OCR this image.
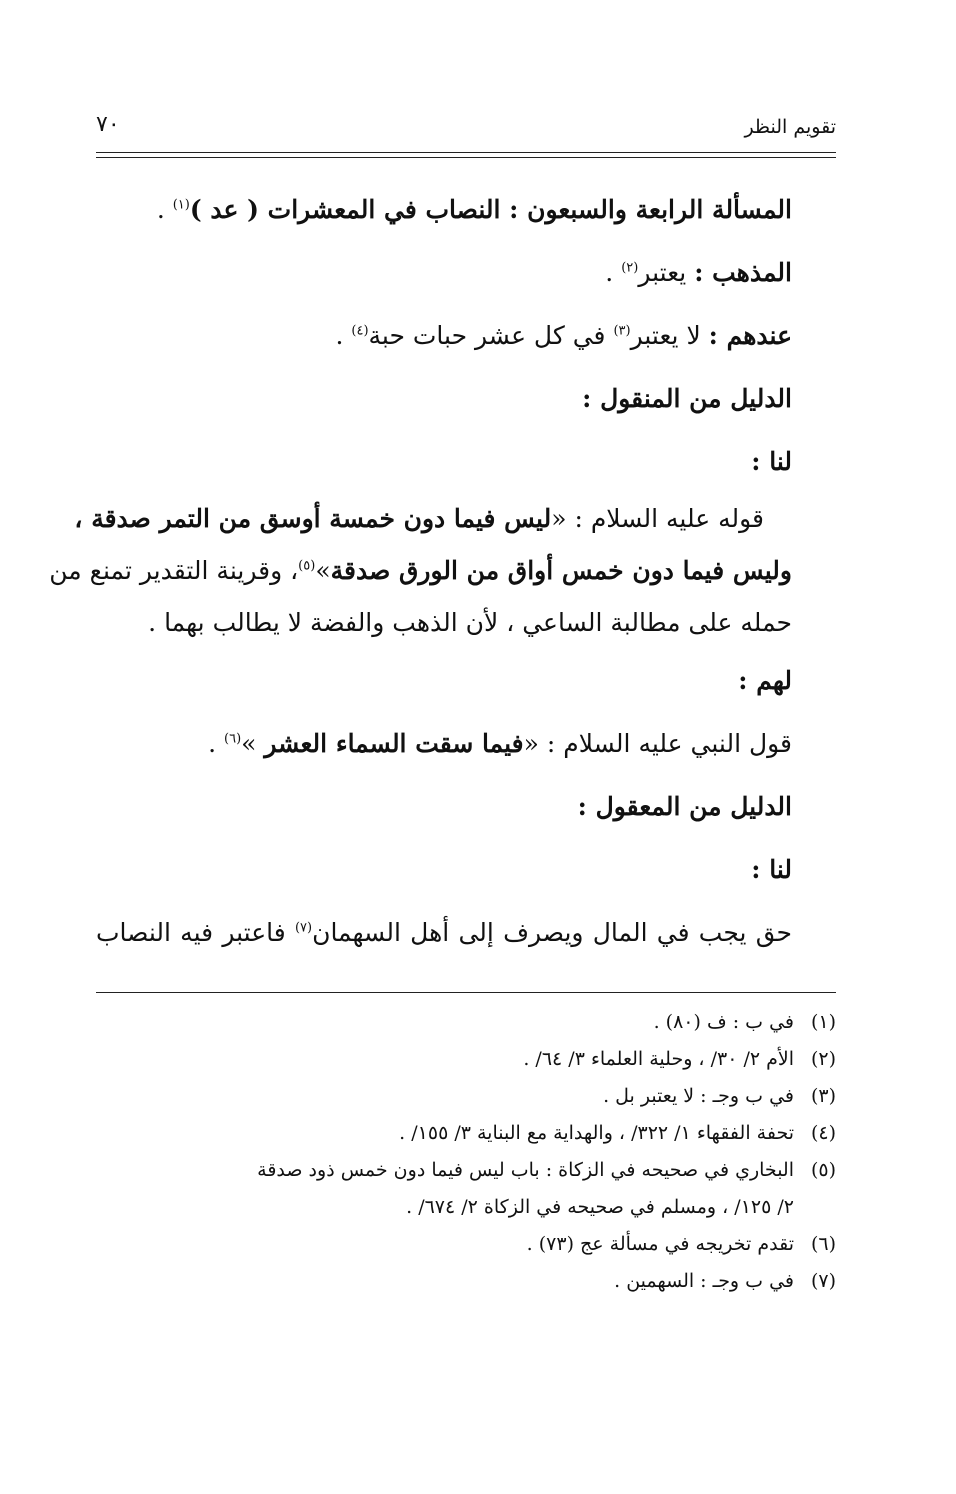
تقويم النظر
٧٠
المسألة الرابعة والسبعون : النصاب في المعشرات ( عد )$^{(١)}$ .
المذهب : يعتبر$^{(٢)}$ .
عندهم : لا يعتبر$^{(٣)}$ في كل عشر حبات حبة$^{(٤)}$ .
الدليل من المنقول :
لنا :
قوله عليه السلام : «ليس فيما دون خمسة أوسق من التمر صدقة ،
وليس فيما دون خمس أواق من الورق صدقة»$^{(٥)}$، وقرينة التقدير تمنع من
حمله على مطالبة الساعي ، لأن الذهب والفضة لا يطالب بهما .
لهم :
قول النبي عليه السلام : «فيما سقت السماء العشر »$^{(٦)}$ .
الدليل من المعقول :
لنا :
حق يجب في المال ويصرف إلى أهل السهمان$^{(٧)}$ فاعتبر فيه النصاب
(١)في ب : ف (٨٠) .
(٢)الأم ٢/ ٣٠/ ، وحلية العلماء ٣/ ٦٤/ .
(٣)في ب وجـ : لا يعتبر بل .
(٤)تحفة الفقهاء ١/ ٣٢٢/ ، والهداية مع البناية ٣/ ١٥٥/ .
(٥)البخاري في صحيحه في الزكاة : باب ليس فيما دون خمس ذود صدقة
٢/ ١٢٥/ ، ومسلم في صحيحه في الزكاة ٢/ ٦٧٤/ .
(٦)تقدم تخريجه في مسألة عج (٧٣) .
(٧)في ب وجـ : السهمين .
